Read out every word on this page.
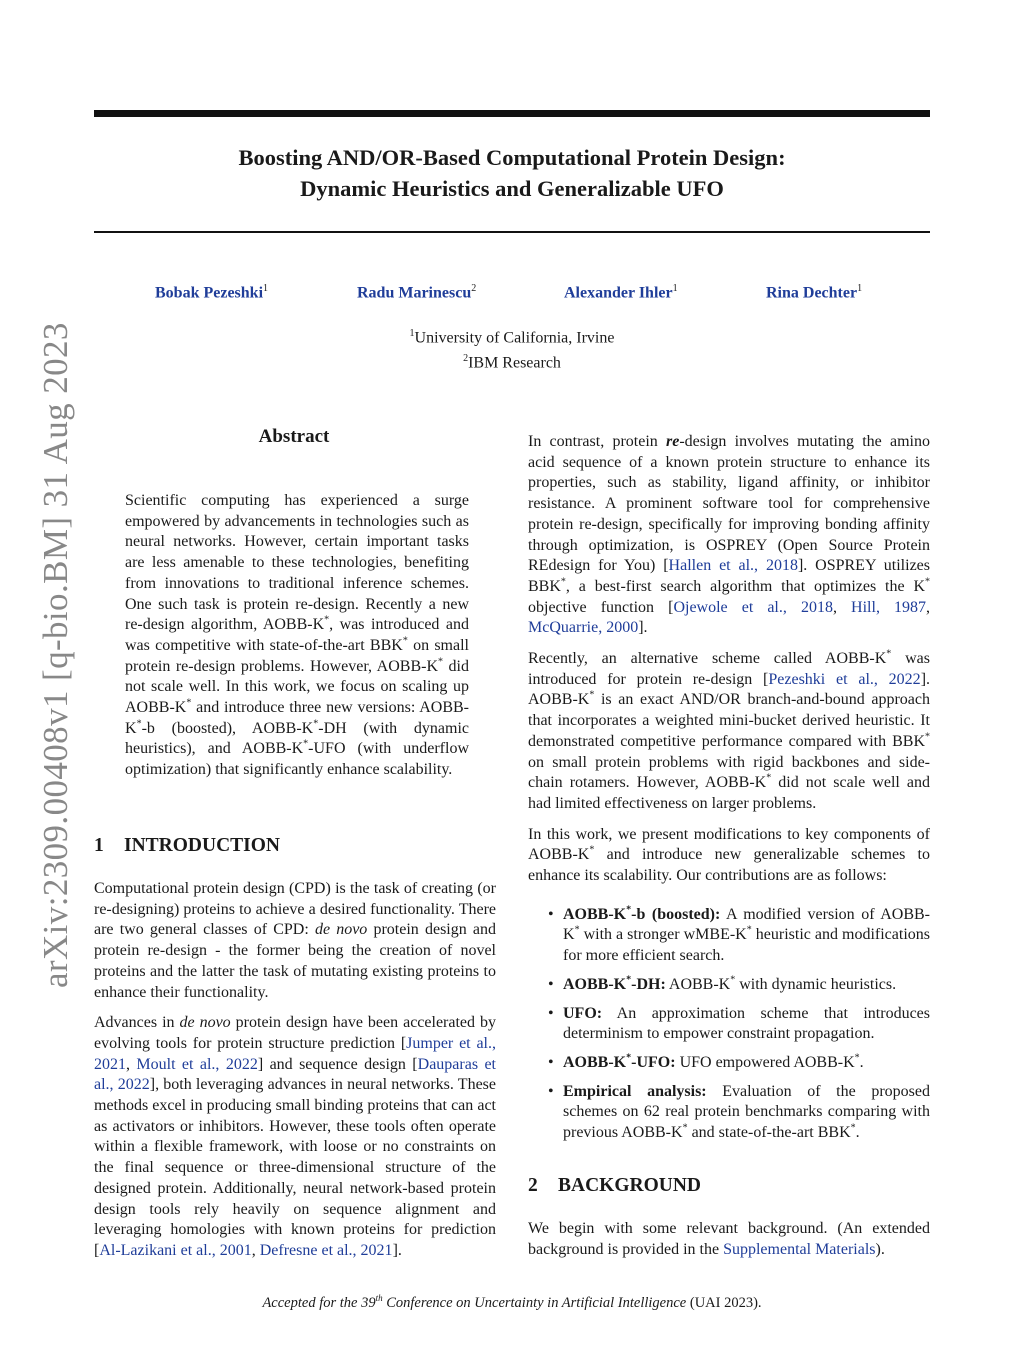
Boosting AND/OR-Based Computational Protein Design:
Dynamic Heuristics and Generalizable UFO
Bobak Pezeshki$^1$	Radu Marinescu$^2$	Alexander Ihler$^1$	Rina Dechter$^1$
$^1$University of California, Irvine
$^2$IBM Research
arXiv:2309.00408v1 [q-bio.BM] 31 Aug 2023	Abstract

Scientific computing has experienced a surge empowered by advancements in technologies such as neural networks. However, certain important tasks are less amenable to these technologies, benefiting from innovations to traditional inference schemes. One such task is protein re-design. Recently a new re-design algorithm, AOBB-K*, was introduced and was competitive with state-of-the-art BBK* on small protein re-design problems. However, AOBB-K* did not scale well. In this work, we focus on scaling up AOBB-K* and introduce three new versions: AOBB-K*-b (boosted), AOBB-K*-DH (with dynamic heuristics), and AOBB-K*-UFO (with underflow optimization) that significantly enhance scalability.

1 INTRODUCTION

Computational protein design (CPD) is the task of creating (or re-designing) proteins to achieve a desired functionality. There are two general classes of CPD: de novo protein design and protein re-design - the former being the creation of novel proteins and the latter the task of mutating existing proteins to enhance their functionality.

Advances in de novo protein design have been accelerated by evolving tools for protein structure prediction [Jumper et al., 2021, Moult et al., 2022] and sequence design [Dauparas et al., 2022], both leveraging advances in neural networks. These methods excel in producing small binding proteins that can act as activators or inhibitors. However, these tools often operate within a flexible framework, with loose or no constraints on the final sequence or three-dimensional structure of the designed protein. Additionally, neural network-based protein design tools rely heavily on sequence alignment and leveraging homologies with known proteins for prediction [Al-Lazikani et al., 2001, Defresne et al., 2021].

In contrast, protein re-design involves mutating the amino acid sequence of a known protein structure to enhance its properties, such as stability, ligand affinity, or inhibitor resistance. A prominent software tool for comprehensive protein re-design, specifically for improving bonding affinity through optimization, is OSPREY (Open Source Protein REdesign for You) [Hallen et al., 2018]. OSPREY utilizes BBK*, a best-first search algorithm that optimizes the K* objective function [Ojewole et al., 2018, Hill, 1987, McQuarrie, 2000].

Recently, an alternative scheme called AOBB-K* was introduced for protein re-design [Pezeshki et al., 2022]. AOBB-K* is an exact AND/OR branch-and-bound approach that incorporates a weighted mini-bucket derived heuristic. It demonstrated competitive performance compared with BBK* on small protein problems with rigid backbones and side-chain rotamers. However, AOBB-K* did not scale well and had limited effectiveness on larger problems.

In this work, we present modifications to key components of AOBB-K* and introduce new generalizable schemes to enhance its scalability. Our contributions are as follows:

• AOBB-K*-b (boosted): A modified version of AOBB-K* with a stronger wMBE-K* heuristic and modifications for more efficient search.
• AOBB-K*-DH: AOBB-K* with dynamic heuristics.
• UFO: An approximation scheme that introduces determinism to empower constraint propagation.
• AOBB-K*-UFO: UFO empowered AOBB-K*.
• Empirical analysis: Evaluation of the proposed schemes on 62 real protein benchmarks comparing with previous AOBB-K* and state-of-the-art BBK*.
2 BACKGROUND

We begin with some relevant background. (An extended background is provided in the Supplemental Materials).

Accepted for the 39th Conference on Uncertainty in Artificial Intelligence (UAI 2023).
